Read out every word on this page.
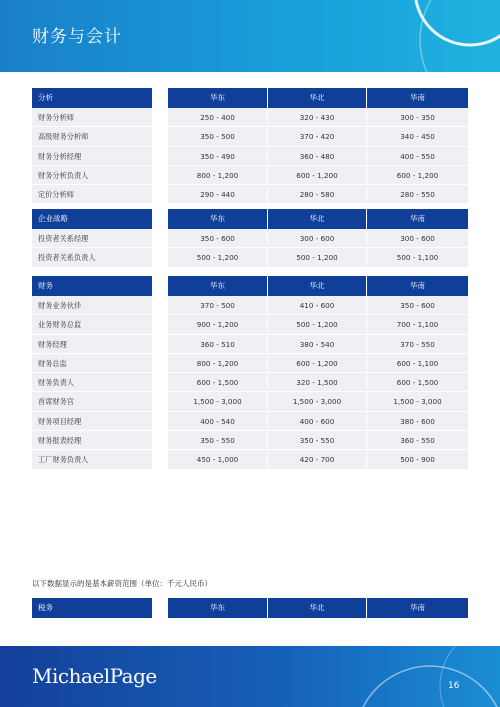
财务与会计
分析	华东	华北	华南
财务分析师	250 - 400	320 - 430	300 - 350
高级财务分析师	350 - 500	370 - 420	340 - 450
财务分析经理	350 - 490	360 - 480	400 - 550
财务分析负责人	800 - 1,200	600 - 1,200	600 - 1,200
定价分析师	290 - 440	280 - 580	280 - 550
企业战略	华东	华北	华南
投资者关系经理	350 - 600	300 - 600	300 - 600
投资者关系负责人	500 - 1,200	500 - 1,200	500 - 1,100
财务	华东	华北	华南
财务业务伙伴	370 - 500	410 - 600	350 - 600
业务财务总监	900 - 1,200	500 - 1,200	700 - 1,100
财务经理	360 - 510	380 - 540	370 - 550
财务总监	800 - 1,200	600 - 1,200	600 - 1,100
财务负责人	600 - 1,500	320 - 1,500	600 - 1,500
首席财务官	1,500 - 3,000	1,500 - 3,000	1,500 - 3,000
财务项目经理	400 - 540	400 - 600	380 - 600
财务报表经理	350 - 550	350 - 550	360 - 550
工厂财务负责人	450 - 1,000	420 - 700	500 - 900
以下数据显示的是基本薪资范围（单位：千元人民币）
税务	华东	华北	华南
MichaelPage	16
